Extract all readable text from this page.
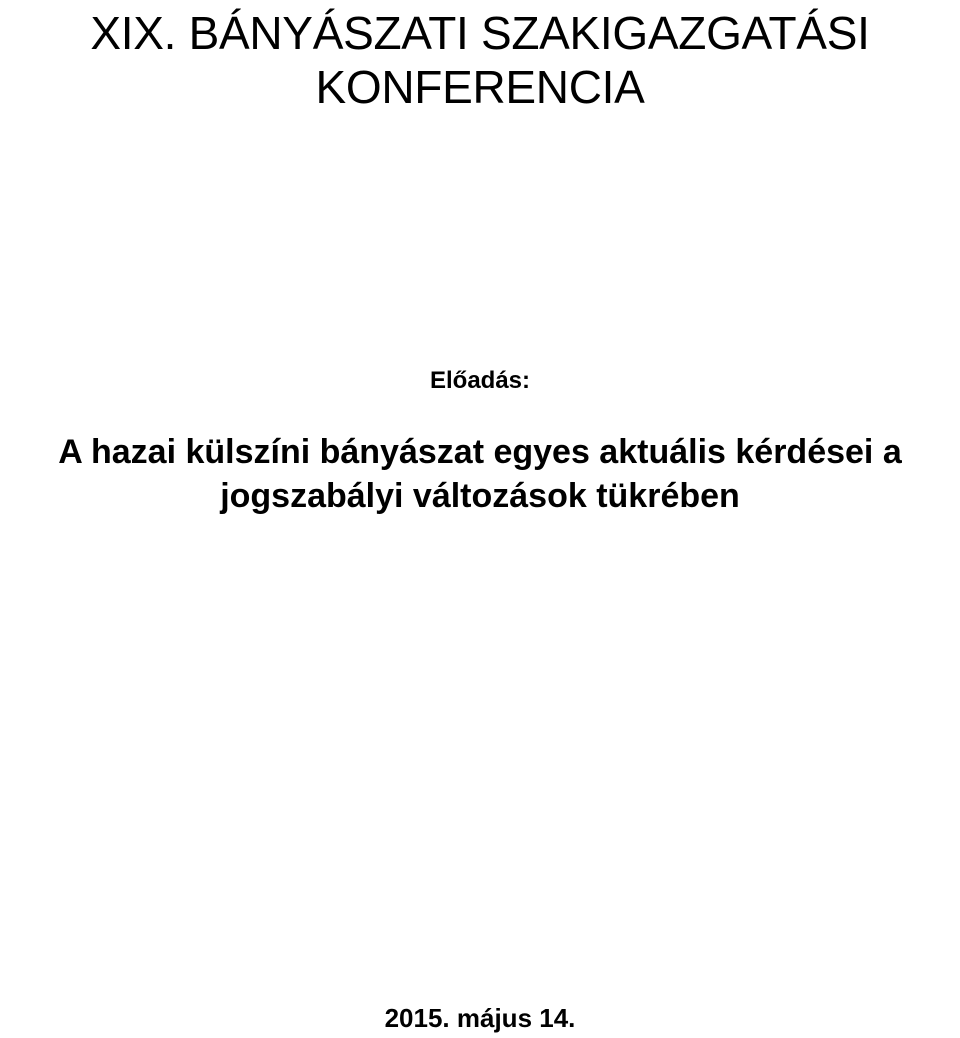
XIX. BÁNYÁSZATI SZAKIGAZGATÁSI
KONFERENCIA

Előadás:

A hazai külszíni bányászat egyes aktuális kérdései a
jogszabályi változások tükrében

2015. május 14.
